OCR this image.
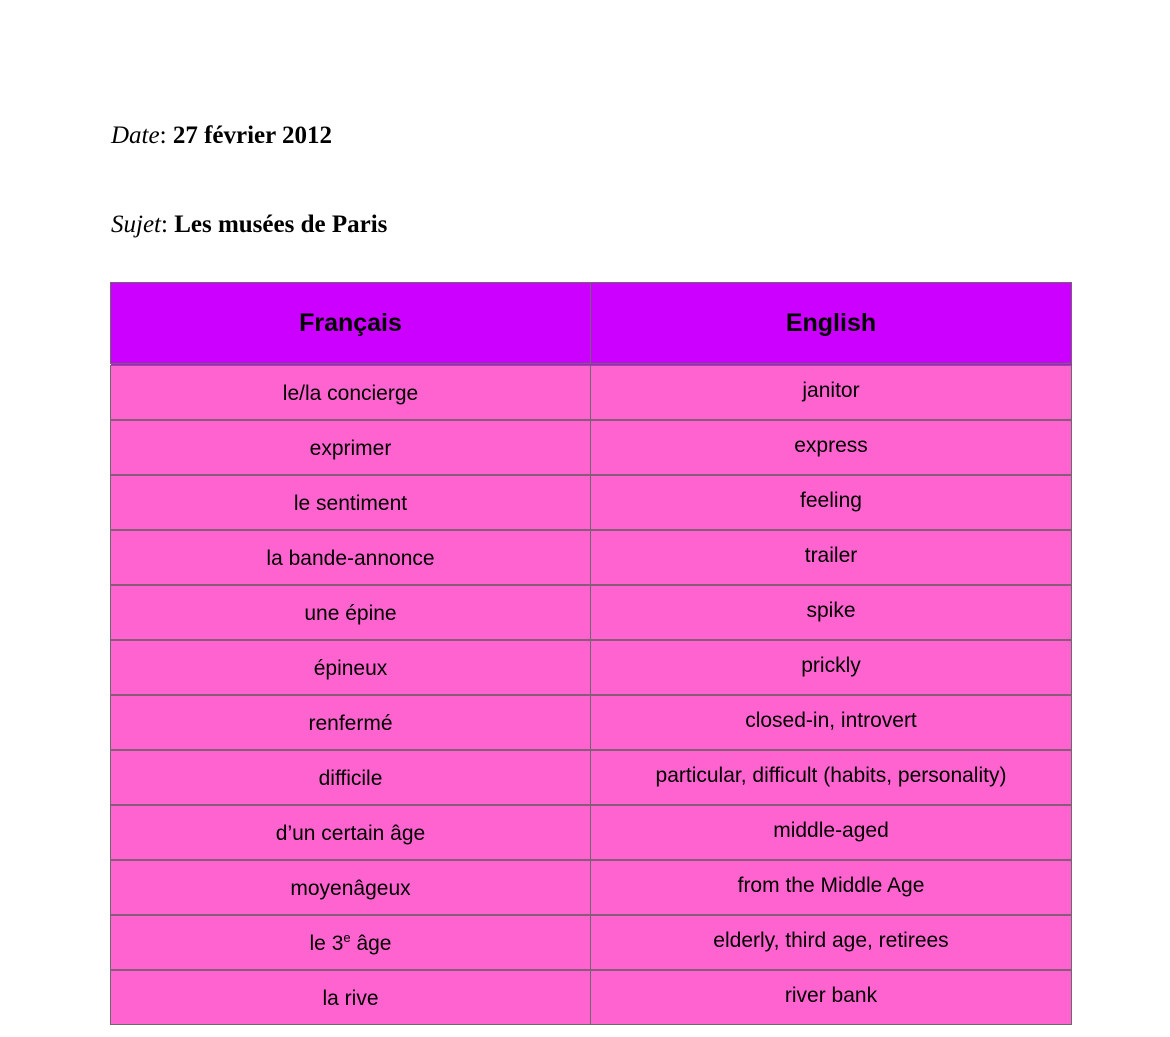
Date: 27 février 2012
Sujet: Les musées de Paris
Français	English
le/la concierge	janitor
exprimer	express
le sentiment	feeling
la bande-annonce	trailer
une épine	spike
épineux	prickly
renfermé	closed-in, introvert
difficile	particular, difficult (habits, personality)
d’un certain âge	middle-aged
moyenâgeux	from the Middle Age
le 3e âge	elderly, third age, retirees
la rive	river bank
